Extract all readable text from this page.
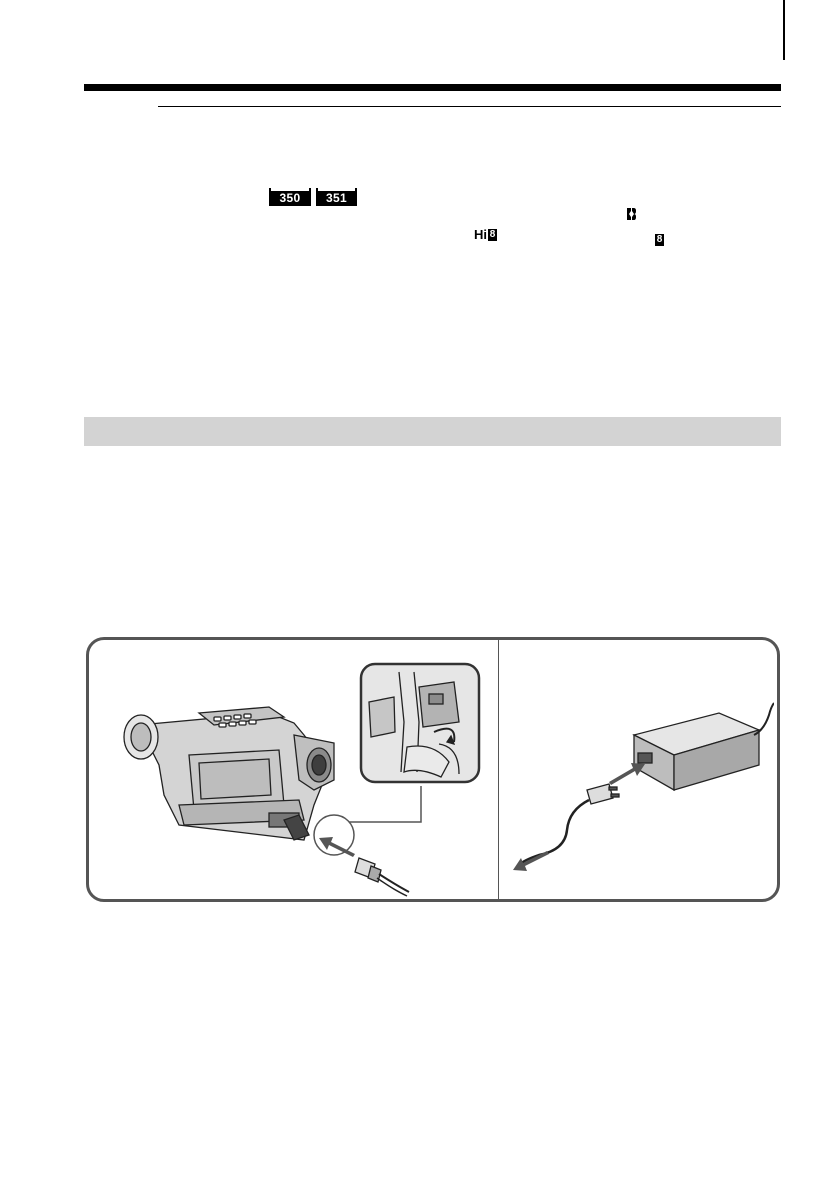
350	351
Hi 8	8
